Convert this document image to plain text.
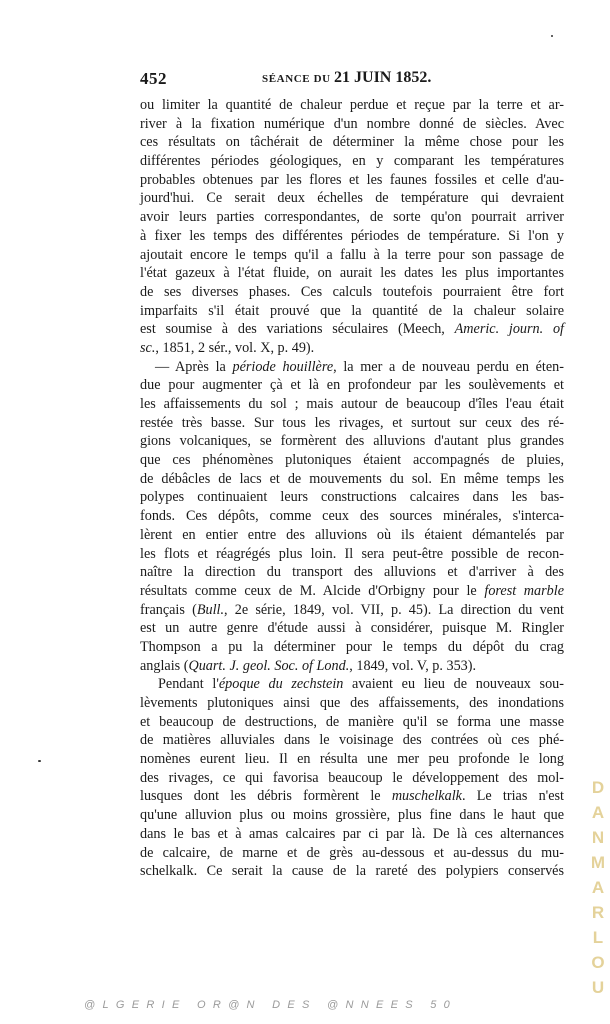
452	SÉANCE DU 21 JUIN 1852.
ou limiter la quantité de chaleur perdue et reçue par la terre et ar-
river à la fixation numérique d'un nombre donné de siècles. Avec
ces résultats on tâchérait de déterminer la même chose pour les
différentes périodes géologiques, en y comparant les températures
probables obtenues par les flores et les faunes fossiles et celle d'au-
jourd'hui. Ce serait deux échelles de température qui devraient
avoir leurs parties correspondantes, de sorte qu'on pourrait arriver
à fixer les temps des différentes périodes de température. Si l'on y
ajoutait encore le temps qu'il a fallu à la terre pour son passage de
l'état gazeux à l'état fluide, on aurait les dates les plus importantes
de ses diverses phases. Ces calculs toutefois pourraient être fort
imparfaits s'il était prouvé que la quantité de la chaleur solaire
est soumise à des variations séculaires (Meech, Americ. journ. of
sc., 1851, 2 sér., vol. X, p. 49).
— Après la période houillère, la mer a de nouveau perdu en éten-
due pour augmenter çà et là en profondeur par les soulèvements et
les affaissements du sol ; mais autour de beaucoup d'îles l'eau était
restée très basse. Sur tous les rivages, et surtout sur ceux des ré-
gions volcaniques, se formèrent des alluvions d'autant plus grandes
que ces phénomènes plutoniques étaient accompagnés de pluies,
de débâcles de lacs et de mouvements du sol. En même temps les
polypes continuaient leurs constructions calcaires dans les bas-
fonds. Ces dépôts, comme ceux des sources minérales, s'interca-
lèrent en entier entre des alluvions où ils étaient démantelés par
les flots et réagrégés plus loin. Il sera peut-être possible de recon-
naître la direction du transport des alluvions et d'arriver à des
résultats comme ceux de M. Alcide d'Orbigny pour le forest marble
français (Bull., 2e série, 1849, vol. VII, p. 45). La direction du vent
est un autre genre d'étude aussi à considérer, puisque M. Ringler
Thompson a pu la déterminer pour le temps du dépôt du crag
anglais (Quart. J. geol. Soc. of Lond., 1849, vol. V, p. 353).
Pendant l'époque du zechstein avaient eu lieu de nouveaux sou-
lèvements plutoniques ainsi que des affaissements, des inondations
et beaucoup de destructions, de manière qu'il se forma une masse
de matières alluviales dans le voisinage des contrées où ces phé-
nomènes eurent lieu. Il en résulta une mer peu profonde le long
des rivages, ce qui favorisa beaucoup le développement des mol-
lusques dont les débris formèrent le muschelkalk. Le trias n'est
qu'une alluvion plus ou moins grossière, plus fine dans le haut que
dans le bas et à amas calcaires par ci par là. De là ces alternances
de calcaire, de marne et de grès au-dessous et au-dessus du mu-
schelkalk. Ce serait la cause de la rareté des polypiers conservés
D
A
N
M
A
R
L
O
U
@LGERIE OR@N DES @NNEES 50
